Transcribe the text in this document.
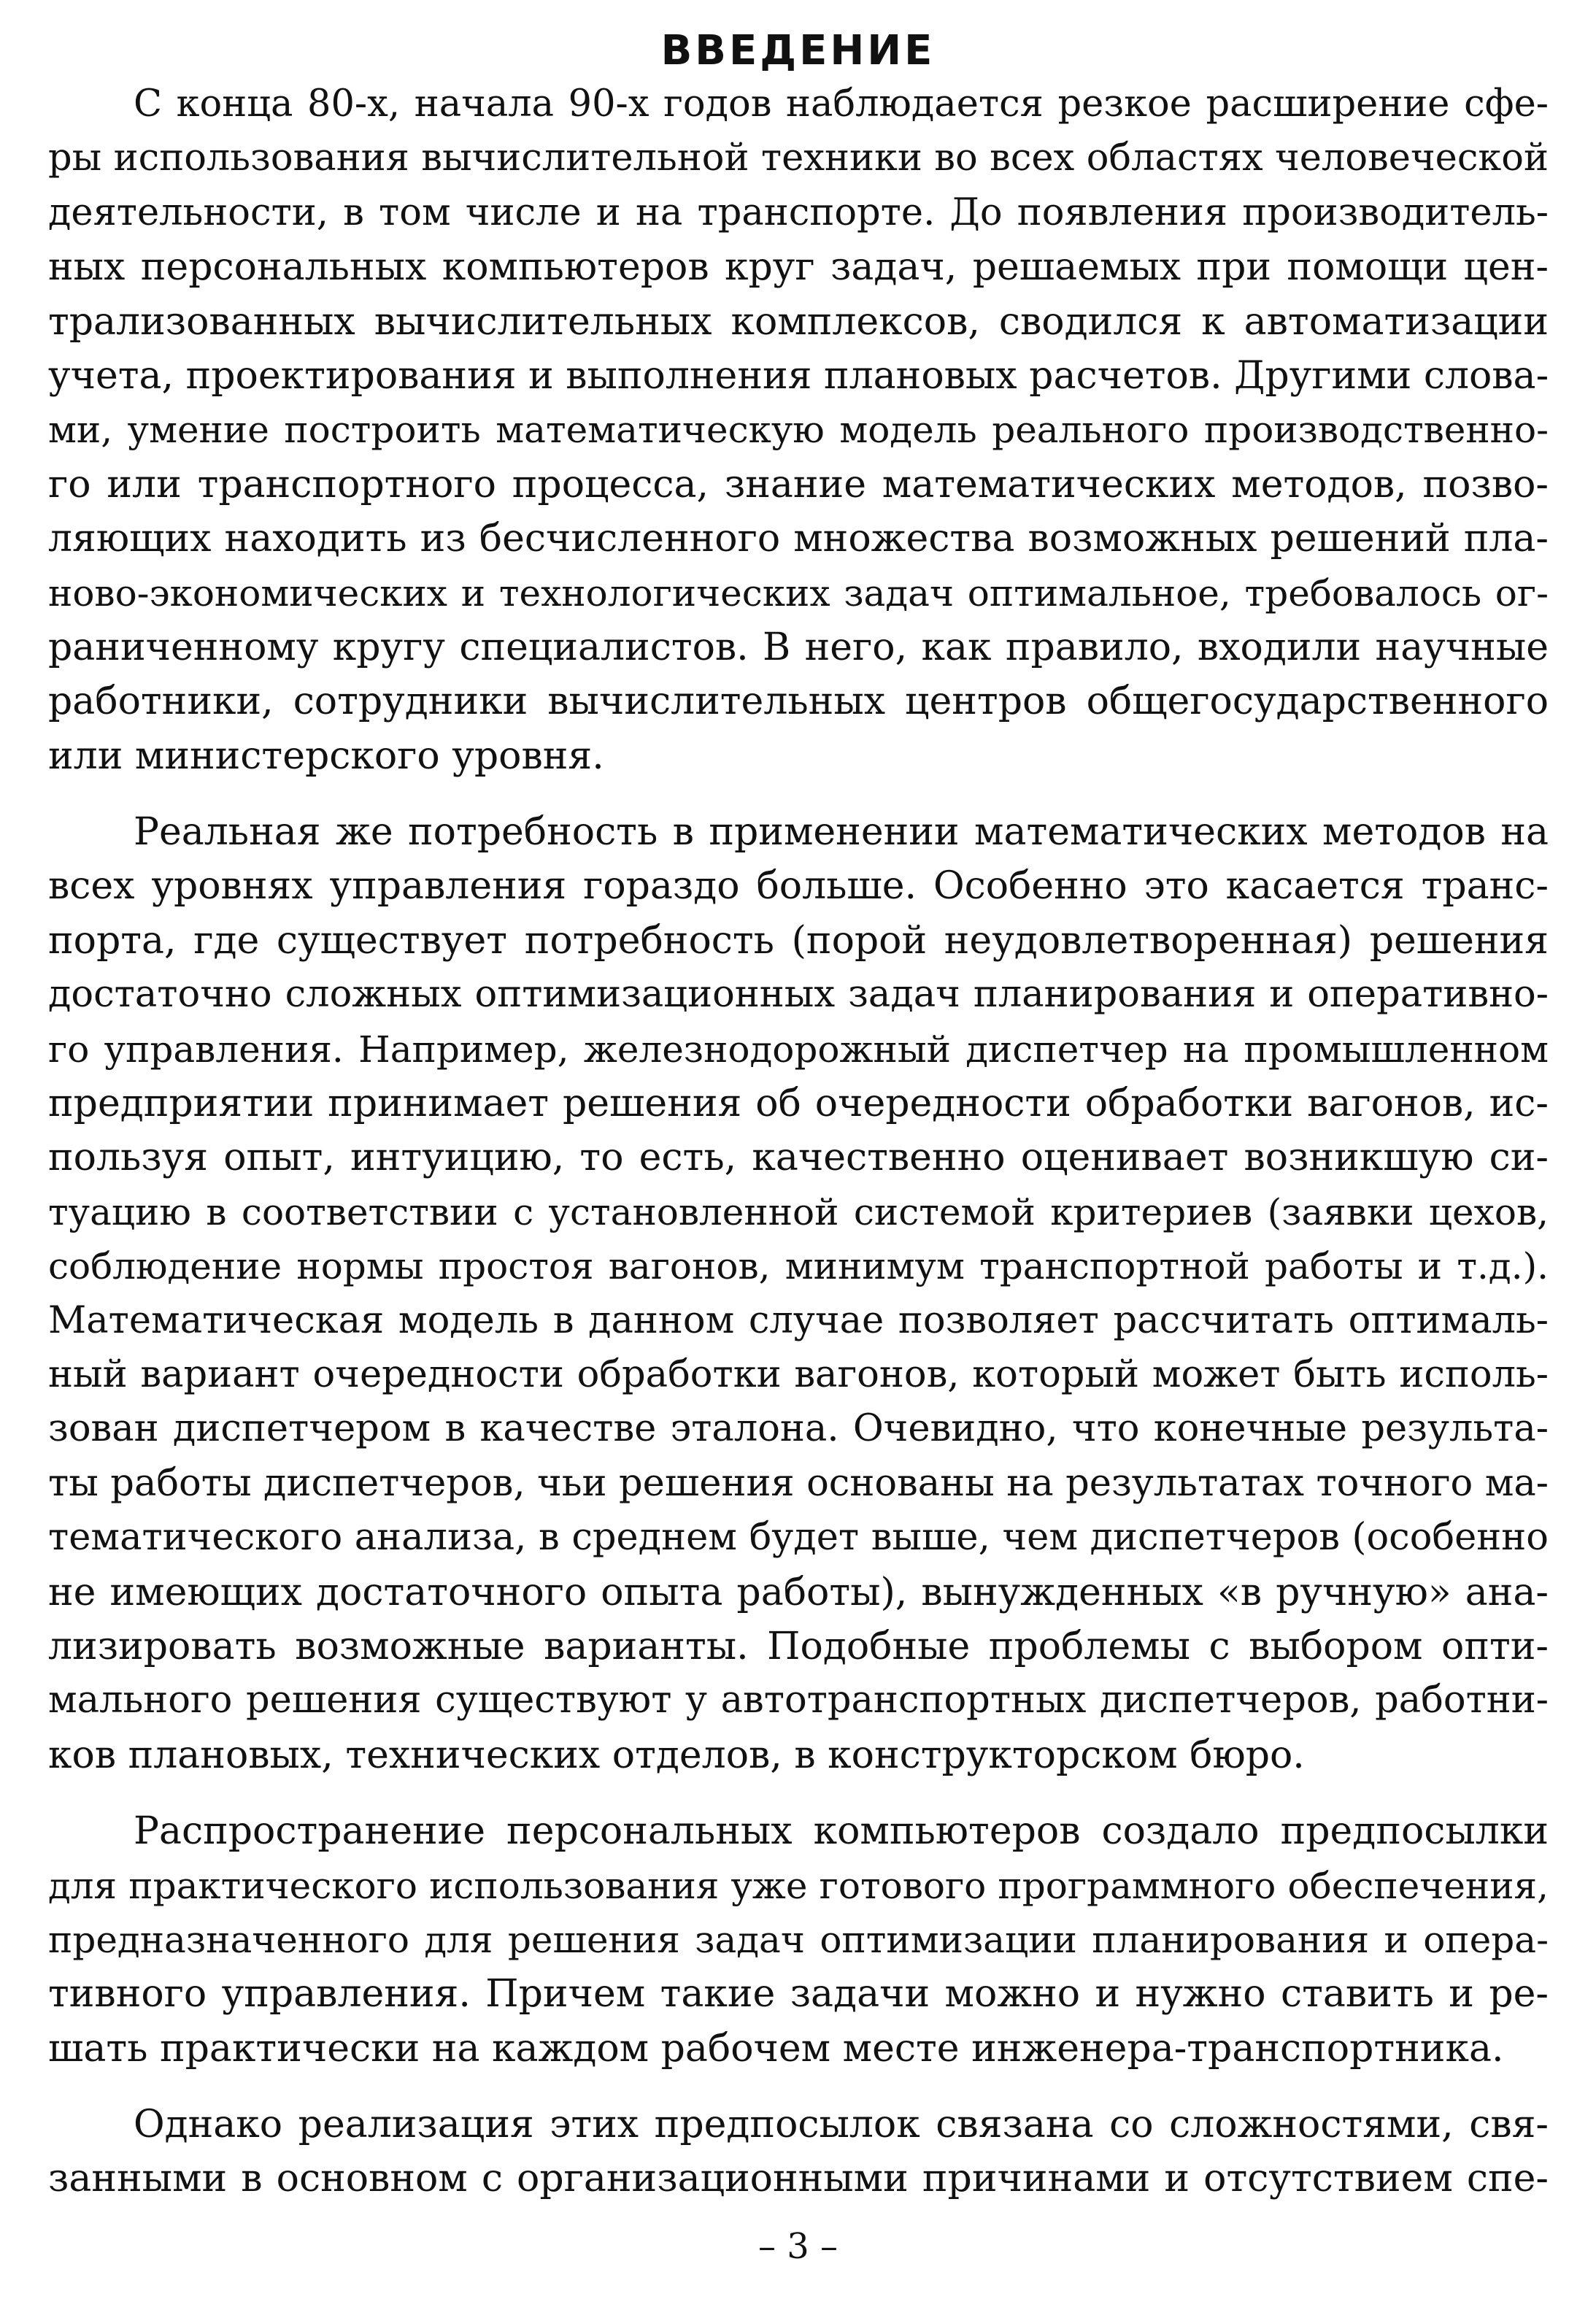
ВВЕДЕНИЕ
С конца 80-х, начала 90-х годов наблюдается резкое расширение сфе-
ры использования вычислительной техники во всех областях человеческой
деятельности, в том числе и на транспорте. До появления производитель-
ных персональных компьютеров круг задач, решаемых при помощи цен-
трализованных вычислительных комплексов, сводился к автоматизации
учета, проектирования и выполнения плановых расчетов. Другими слова-
ми, умение построить математическую модель реального производственно-
го или транспортного процесса, знание математических методов, позво-
ляющих находить из бесчисленного множества возможных решений пла-
ново-экономических и технологических задач оптимальное, требовалось ог-
раниченному кругу специалистов. В него, как правило, входили научные
работники, сотрудники вычислительных центров общегосударственного
или министерского уровня.
Реальная же потребность в применении математических методов на
всех уровнях управления гораздо больше. Особенно это касается транс-
порта, где существует потребность (порой неудовлетворенная) решения
достаточно сложных оптимизационных задач планирования и оперативно-
го управления. Например, железнодорожный диспетчер на промышленном
предприятии принимает решения об очередности обработки вагонов, ис-
пользуя опыт, интуицию, то есть, качественно оценивает возникшую си-
туацию в соответствии с установленной системой критериев (заявки цехов,
соблюдение нормы простоя вагонов, минимум транспортной работы и т.д.).
Математическая модель в данном случае позволяет рассчитать оптималь-
ный вариант очередности обработки вагонов, который может быть исполь-
зован диспетчером в качестве эталона. Очевидно, что конечные результа-
ты работы диспетчеров, чьи решения основаны на результатах точного ма-
тематического анализа, в среднем будет выше, чем диспетчеров (особенно
не имеющих достаточного опыта работы), вынужденных «в ручную» ана-
лизировать возможные варианты. Подобные проблемы с выбором опти-
мального решения существуют у автотранспортных диспетчеров, работни-
ков плановых, технических отделов, в конструкторском бюро.
Распространение персональных компьютеров создало предпосылки
для практического использования уже готового программного обеспечения,
предназначенного для решения задач оптимизации планирования и опера-
тивного управления. Причем такие задачи можно и нужно ставить и ре-
шать практически на каждом рабочем месте инженера-транспортника.
Однако реализация этих предпосылок связана со сложностями, свя-
занными в основном с организационными причинами и отсутствием спе-
– 3 –
